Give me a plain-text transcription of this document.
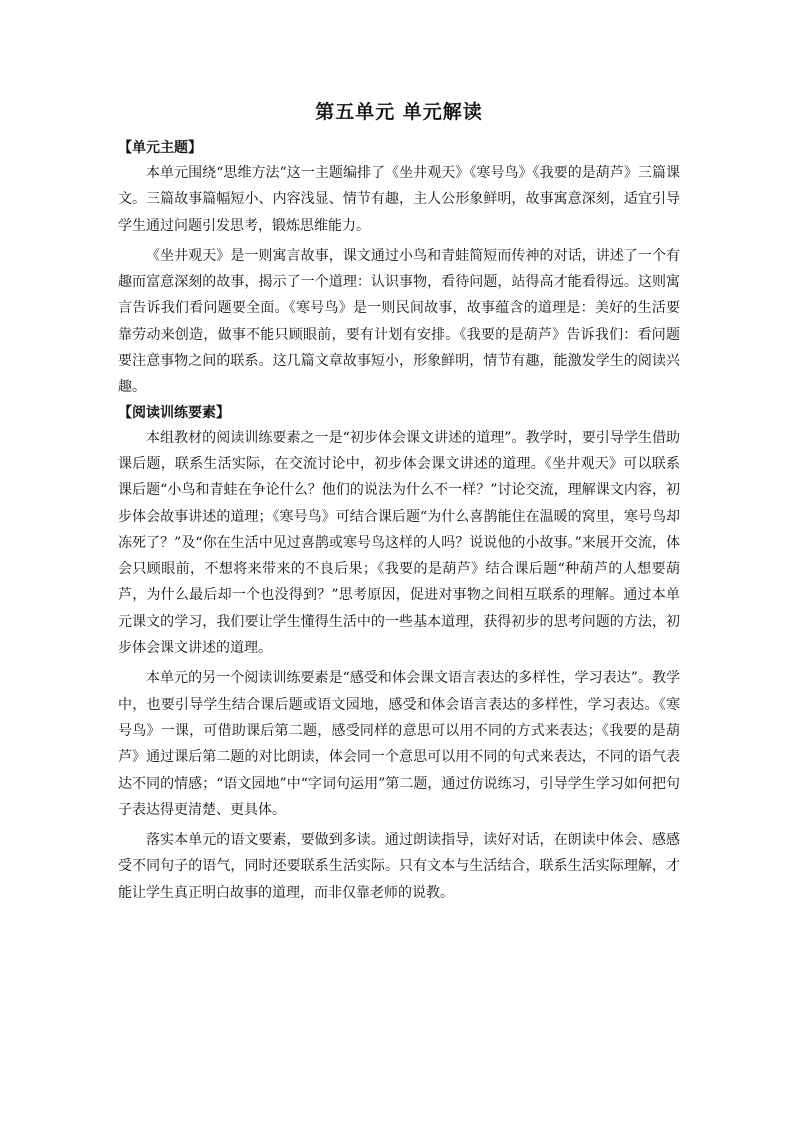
第五单元 单元解读
【单元主题】

本单元围绕“思维方法”这一主题编排了《坐井观天》《寒号鸟》《我要的是葫芦》三篇课文。三篇故事篇幅短小、内容浅显、情节有趣，主人公形象鲜明，故事寓意深刻，适宜引导学生通过问题引发思考，锻炼思维能力。

《坐井观天》是一则寓言故事，课文通过小鸟和青蛙简短而传神的对话，讲述了一个有趣而富意深刻的故事，揭示了一个道理：认识事物，看待问题，站得高才能看得远。这则寓言告诉我们看问题要全面。《寒号鸟》是一则民间故事，故事蕴含的道理是：美好的生活要靠劳动来创造，做事不能只顾眼前，要有计划有安排。《我要的是葫芦》告诉我们：看问题要注意事物之间的联系。这几篇文章故事短小，形象鲜明，情节有趣，能激发学生的阅读兴趣。

【阅读训练要素】

本组教材的阅读训练要素之一是“初步体会课文讲述的道理”。教学时，要引导学生借助课后题，联系生活实际，在交流讨论中，初步体会课文讲述的道理。《坐井观天》可以联系课后题“小鸟和青蛙在争论什么？他们的说法为什么不一样？”讨论交流，理解课文内容，初步体会故事讲述的道理；《寒号鸟》可结合课后题“为什么喜鹊能住在温暖的窝里，寒号鸟却冻死了？”及“你在生活中见过喜鹊或寒号鸟这样的人吗？说说他的小故事。”来展开交流，体会只顾眼前，不想将来带来的不良后果；《我要的是葫芦》结合课后题“种葫芦的人想要葫芦，为什么最后却一个也没得到？”思考原因，促进对事物之间相互联系的理解。通过本单元课文的学习，我们要让学生懂得生活中的一些基本道理，获得初步的思考问题的方法，初步体会课文讲述的道理。

本单元的另一个阅读训练要素是“感受和体会课文语言表达的多样性，学习表达”。教学中，也要引导学生结合课后题或语文园地，感受和体会语言表达的多样性，学习表达。《寒号鸟》一课，可借助课后第二题，感受同样的意思可以用不同的方式来表达；《我要的是葫芦》通过课后第二题的对比朗读，体会同一个意思可以用不同的句式来表达，不同的语气表达不同的情感；“语文园地”中“字词句运用”第二题，通过仿说练习，引导学生学习如何把句子表达得更清楚、更具体。

落实本单元的语文要素，要做到多读。通过朗读指导，读好对话，在朗读中体会、感感受不同句子的语气，同时还要联系生活实际。只有文本与生活结合，联系生活实际理解，才能让学生真正明白故事的道理，而非仅靠老师的说教。
